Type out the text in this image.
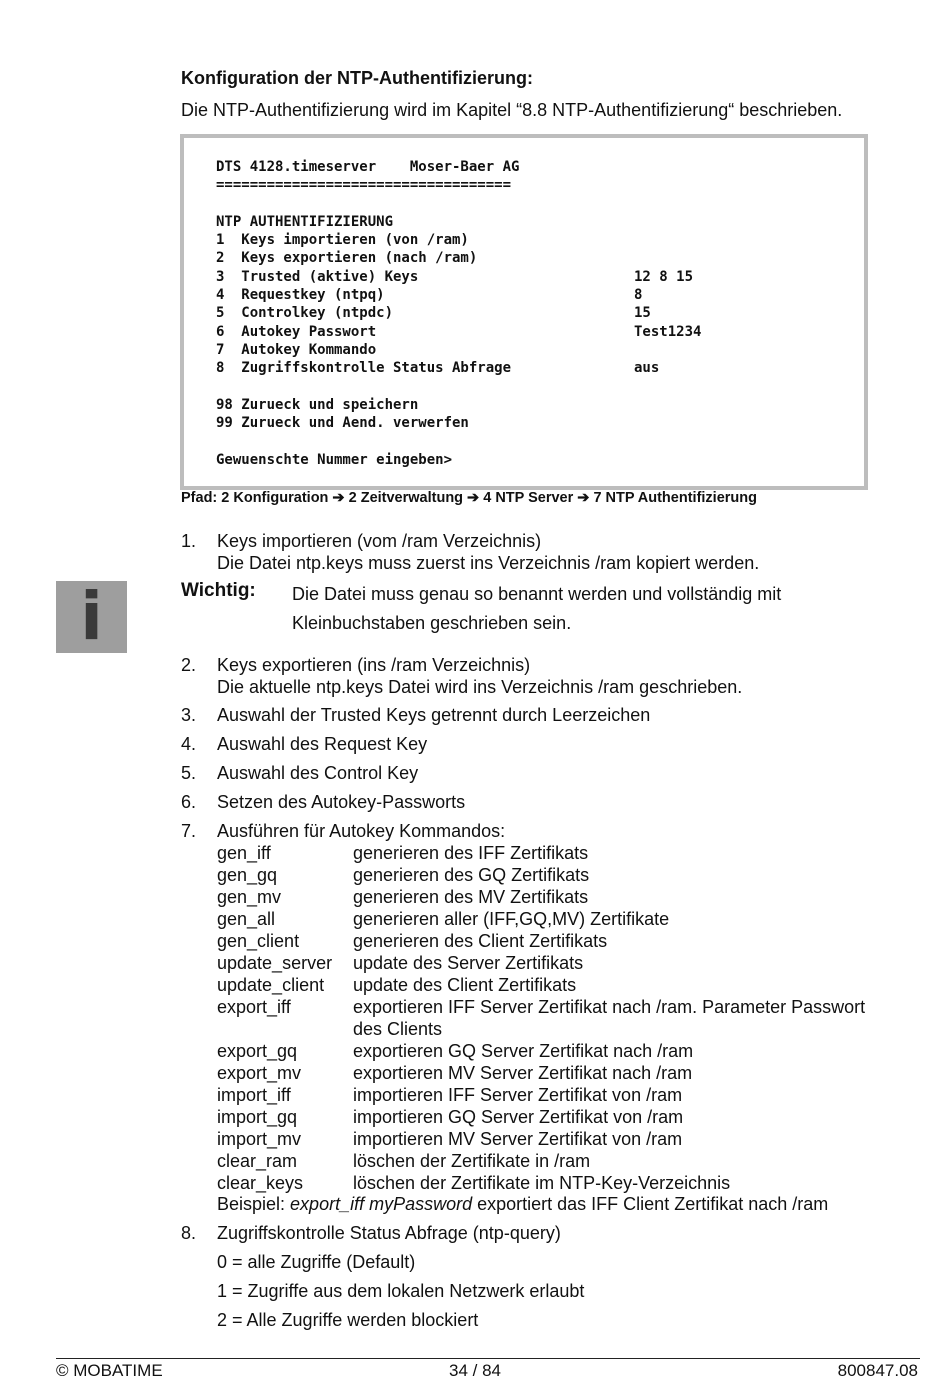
Konfiguration der NTP-Authentifizierung:
Die NTP-Authentifizierung wird im Kapitel “8.8 NTP-Authentifizierung“ beschrieben.
DTS 4128.timeserver    Moser-Baer AG
===================================
NTP AUTHENTIFIZIERUNG
1  Keys importieren (von /ram)
2  Keys exportieren (nach /ram)
3  Trusted (aktive) Keys	12 8 15
4  Requestkey (ntpq)	8
5  Controlkey (ntpdc)	15
6  Autokey Passwort	Test1234
7  Autokey Kommando
8  Zugriffskontrolle Status Abfrage	aus
98 Zurueck und speichern
99 Zurueck und Aend. verwerfen
Gewuenschte Nummer eingeben>
Pfad: 2 Konfiguration ➔ 2 Zeitverwaltung ➔ 4 NTP Server ➔ 7 NTP Authentifizierung
1. Keys importieren (vom /ram Verzeichnis)
Die Datei ntp.keys muss zuerst ins Verzeichnis /ram kopiert werden.
i	Wichtig: Die Datei muss genau so benannt werden und vollständig mit Kleinbuchstaben geschrieben sein.
2. Keys exportieren (ins /ram Verzeichnis)
Die aktuelle ntp.keys Datei wird ins Verzeichnis /ram geschrieben.
3. Auswahl der Trusted Keys getrennt durch Leerzeichen
4. Auswahl des Request Key
5. Auswahl des Control Key
6. Setzen des Autokey-Passworts
7. Ausführen für Autokey Kommandos:
gen_iff	generieren des IFF Zertifikats
gen_gq	generieren des GQ Zertifikats
gen_mv	generieren des MV Zertifikats
gen_all	generieren aller (IFF,GQ,MV) Zertifikate
gen_client	generieren des Client Zertifikats
update_server update des Server Zertifikats
update_client update des Client Zertifikats
export_iff	exportieren IFF Server Zertifikat nach /ram. Parameter Passwort
des Clients
export_gq	exportieren GQ Server Zertifikat nach /ram
export_mv	exportieren MV Server Zertifikat nach /ram
import_iff	importieren IFF Server Zertifikat von /ram
import_gq	importieren GQ Server Zertifikat von /ram
import_mv	importieren MV Server Zertifikat von /ram
clear_ram	löschen der Zertifikate in /ram
clear_keys	löschen der Zertifikate im NTP-Key-Verzeichnis
Beispiel: export_iff myPassword exportiert das IFF Client Zertifikat nach /ram
8. Zugriffskontrolle Status Abfrage (ntp-query)
0 = alle Zugriffe (Default)
1 = Zugriffe aus dem lokalen Netzwerk erlaubt
2 = Alle Zugriffe werden blockiert
© MOBATIME	34 / 84	800847.08
